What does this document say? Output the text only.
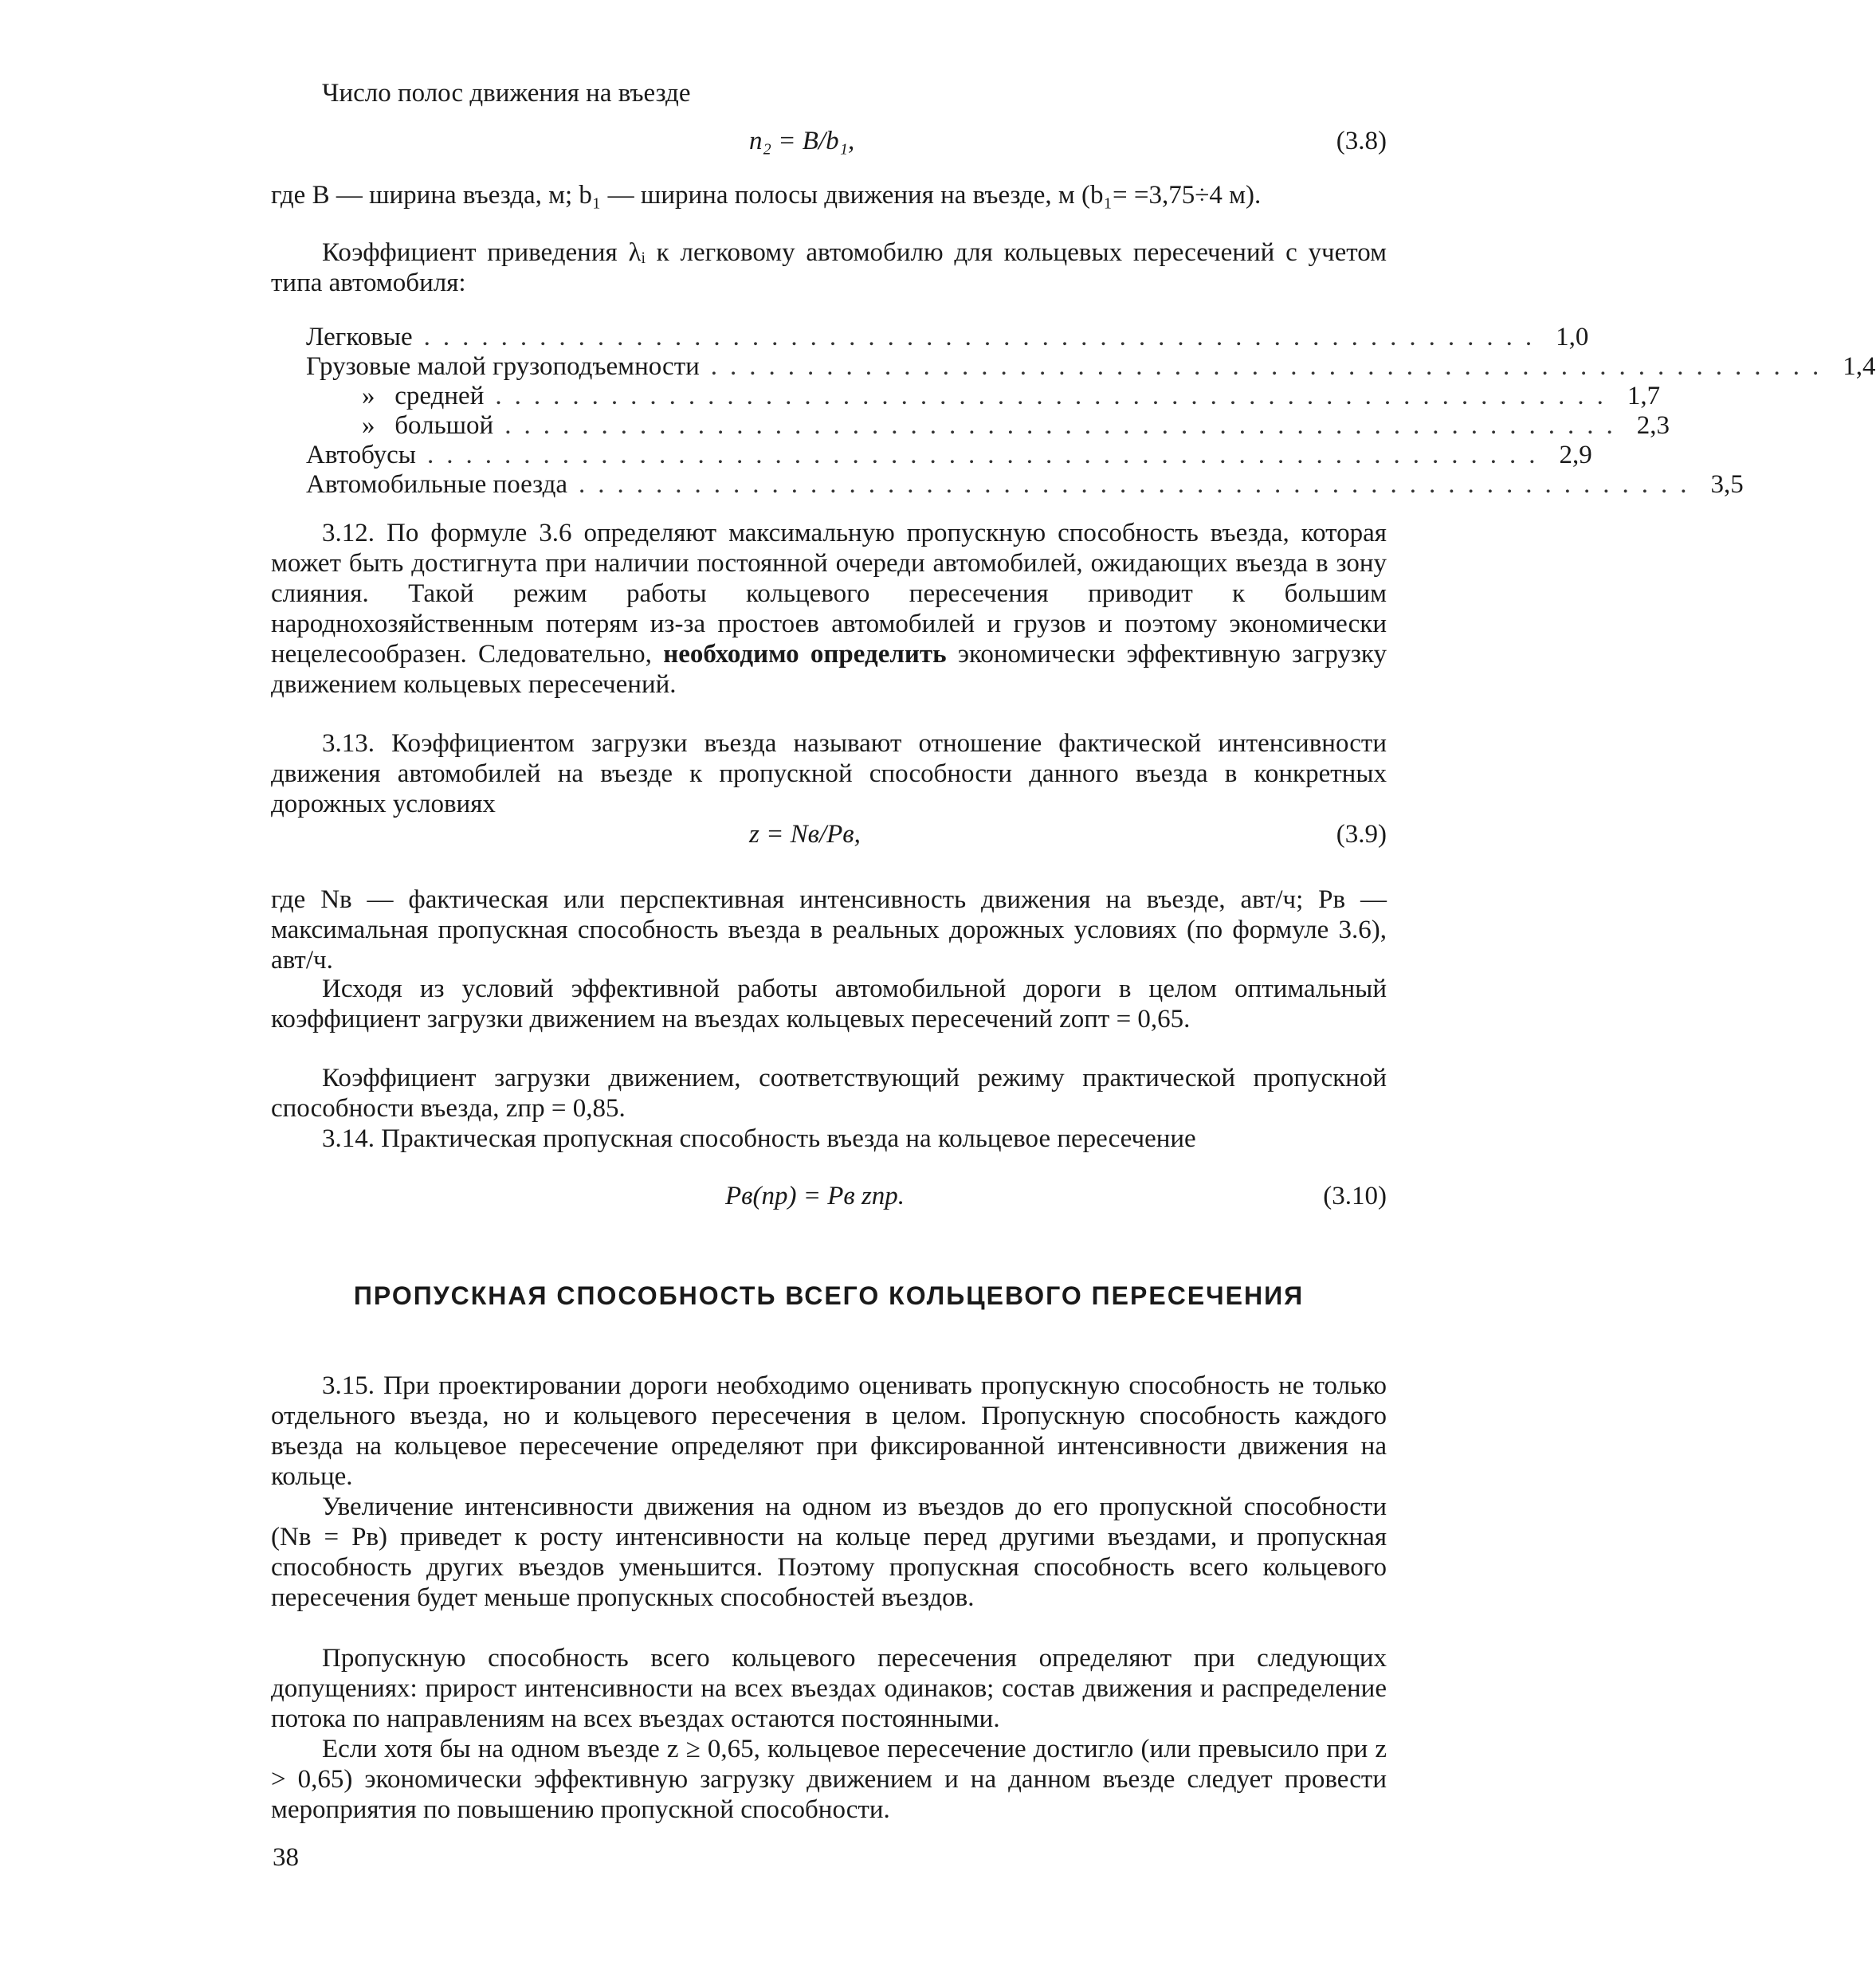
Число полос движения на въезде

n₂ = B/b₁,	(3.8)

где B — ширина въезда, м; b₁ — ширина полосы движения на въезде, м (b₁= =3,75÷4 м).

Коэффициент приведения λᵢ к легковому автомобилю для кольцевых пересечений с учетом типа автомобиля:

Легковые .......................................................... 1,0
Грузовые малой грузоподъемности .......................................................... 1,4
»   средней .......................................................... 1,7
»   большой .......................................................... 2,3
Автобусы .......................................................... 2,9
Автомобильные поезда .......................................................... 3,5

3.12. По формуле 3.6 определяют максимальную пропускную способность въезда, которая может быть достигнута при наличии постоянной очереди автомобилей, ожидающих въезда в зону слияния. Такой режим работы кольцевого пересечения приводит к большим народнохозяйственным потерям из-за простоев автомобилей и грузов и поэтому экономически нецелесообразен. Следовательно, необходимо определить экономически эффективную загрузку движением кольцевых пересечений.

3.13. Коэффициентом загрузки въезда называют отношение фактической интенсивности движения автомобилей на въезде к пропускной способности данного въезда в конкретных дорожных условиях

z = Nв/Pв,	(3.9)

где Nв — фактическая или перспективная интенсивность движения на въезде, авт/ч; Pв — максимальная пропускная способность въезда в реальных дорожных условиях (по формуле 3.6), авт/ч.

Исходя из условий эффективной работы автомобильной дороги в целом оптимальный коэффициент загрузки движением на въездах кольцевых пересечений zопт = 0,65.

Коэффициент загрузки движением, соответствующий режиму практической пропускной способности въезда, zпр = 0,85.

3.14. Практическая пропускная способность въезда на кольцевое пересечение

Pв(пр) = Pв zпр.	(3.10)
ПРОПУСКНАЯ СПОСОБНОСТЬ ВСЕГО КОЛЬЦЕВОГО ПЕРЕСЕЧЕНИЯ

3.15. При проектировании дороги необходимо оценивать пропускную способность не только отдельного въезда, но и кольцевого пересечения в целом. Пропускную способность каждого въезда на кольцевое пересечение определяют при фиксированной интенсивности движения на кольце.

Увеличение интенсивности движения на одном из въездов до его пропускной способности (Nв = Pв) приведет к росту интенсивности на кольце перед другими въездами, и пропускная способность других въездов уменьшится. Поэтому пропускная способность всего кольцевого пересечения будет меньше пропускных способностей въездов.

Пропускную способность всего кольцевого пересечения определяют при следующих допущениях: прирост интенсивности на всех въездах одинаков; состав движения и распределение потока по направлениям на всех въездах остаются постоянными.

Если хотя бы на одном въезде z ≥ 0,65, кольцевое пересечение достигло (или превысило при z > 0,65) экономически эффективную загрузку движением и на данном въезде следует провести мероприятия по повышению пропускной способности.

38
